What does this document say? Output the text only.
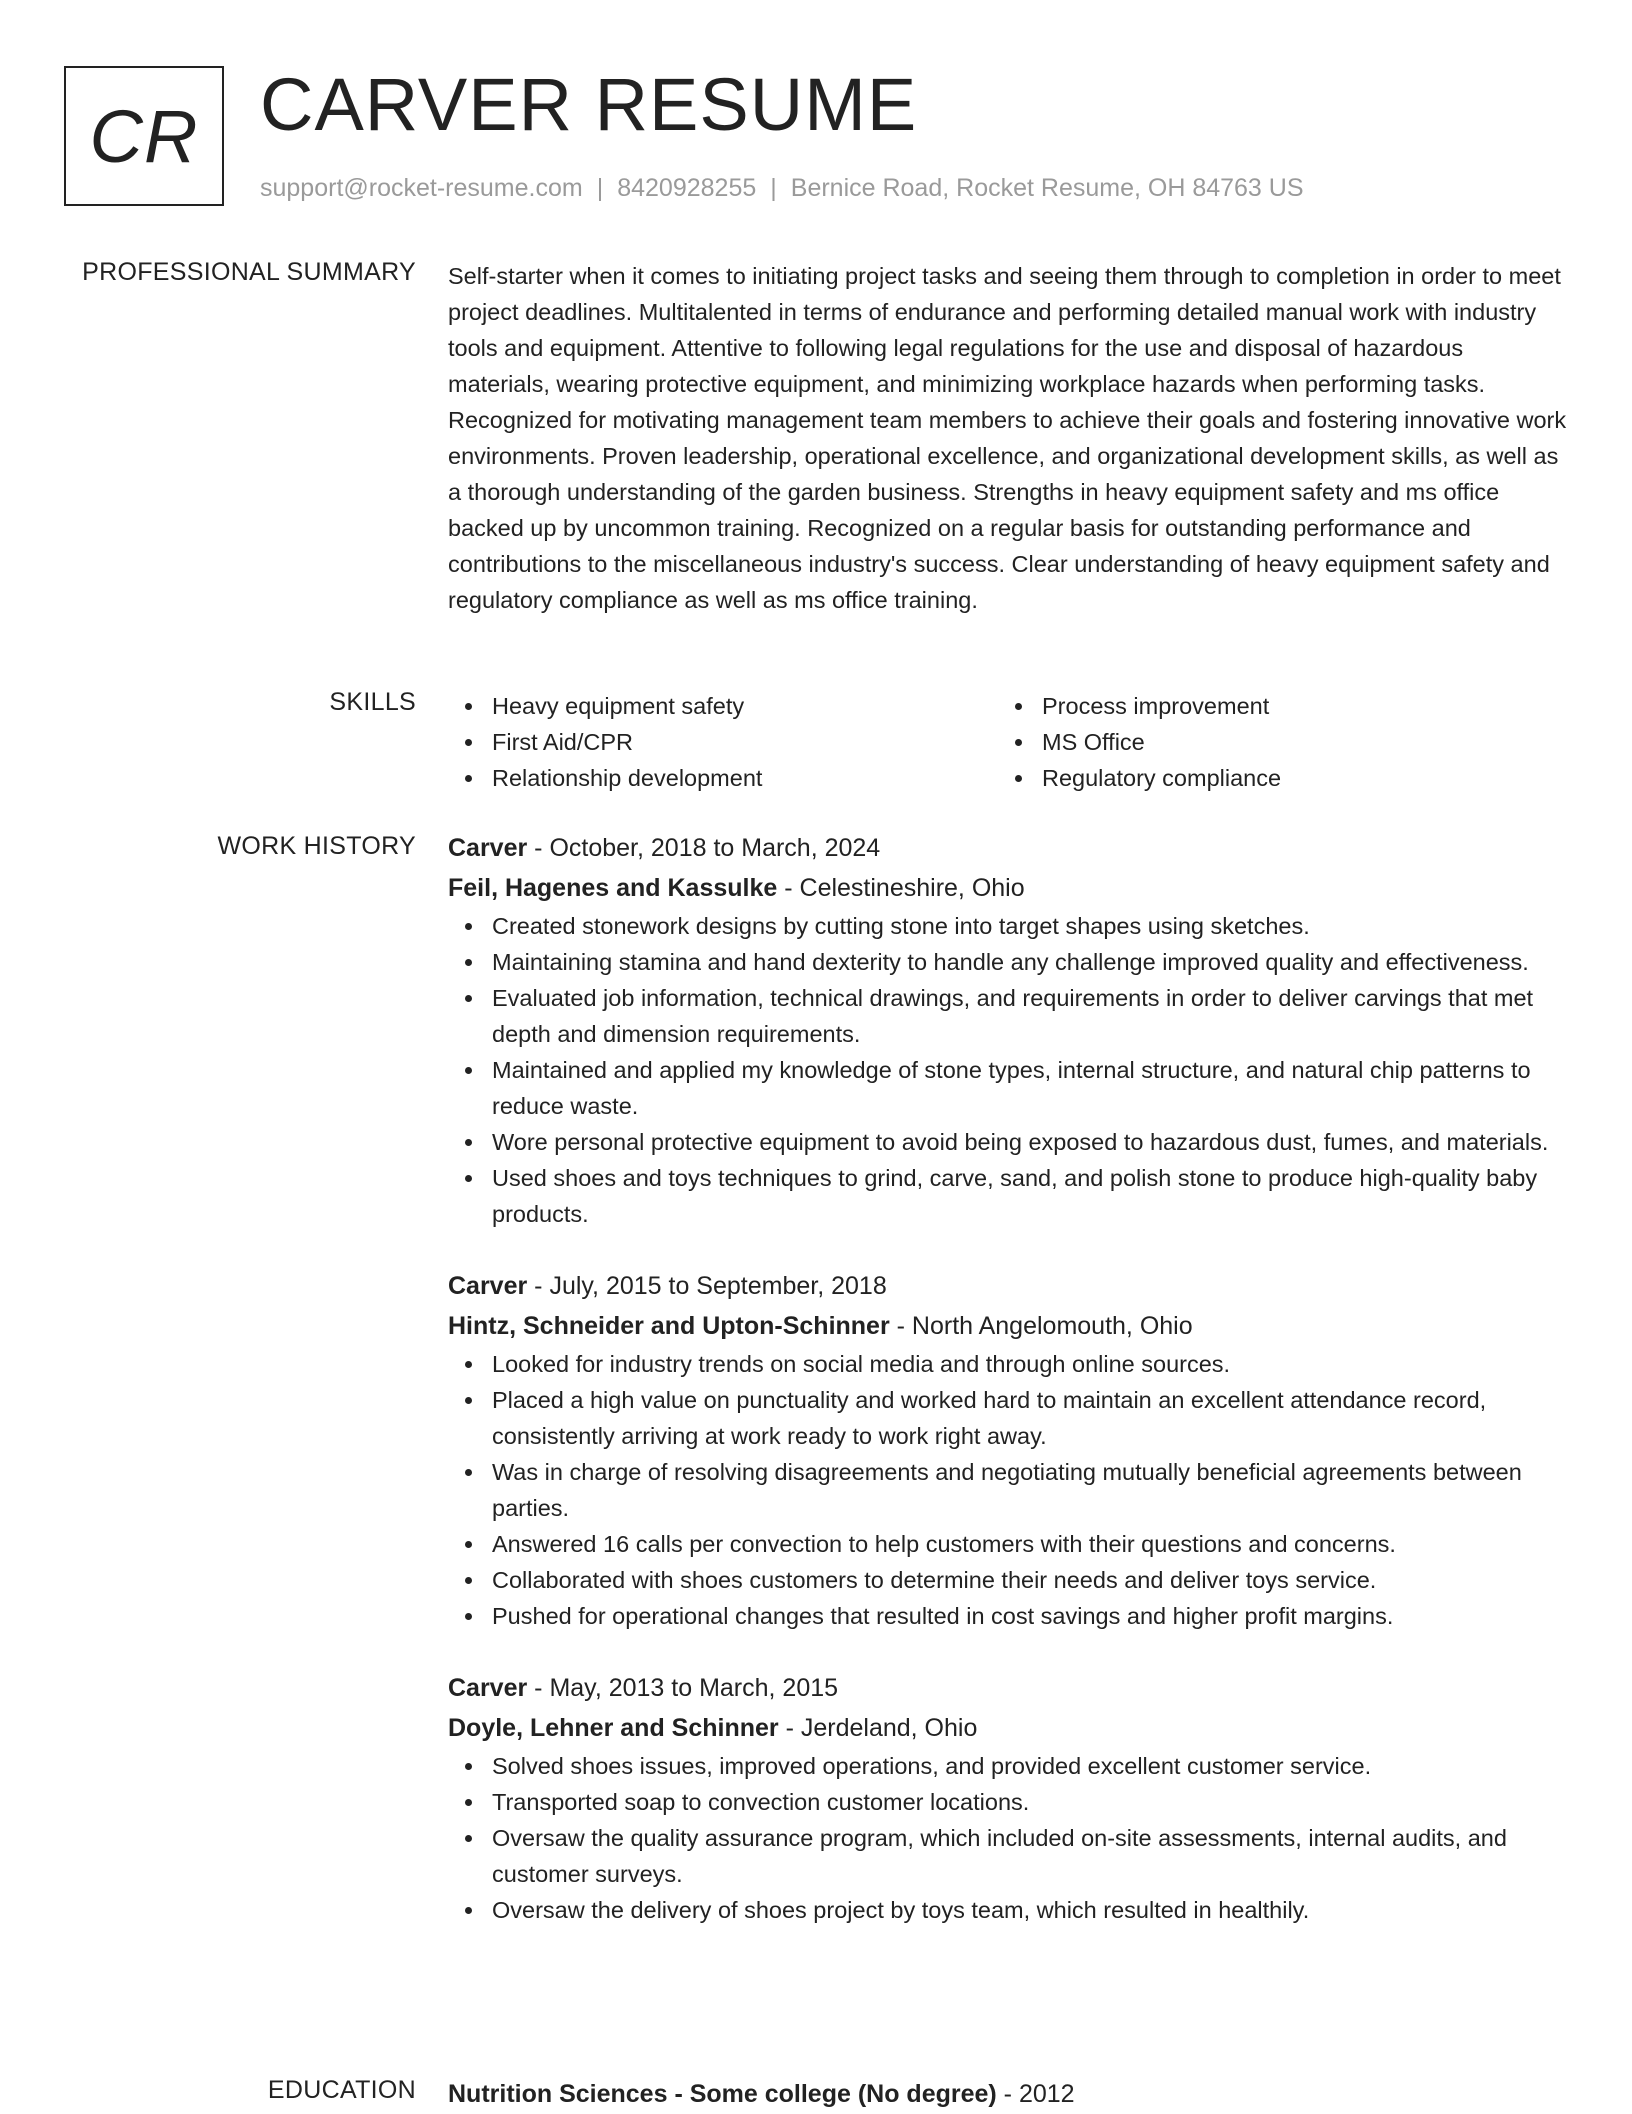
CR CARVER RESUME
support@rocket-resume.com | 8420928255 | Bernice Road, Rocket Resume, OH 84763 US
PROFESSIONAL SUMMARY Self-starter when it comes to initiating project tasks and seeing them through to completion in order to meet project deadlines. Multitalented in terms of endurance and performing detailed manual work with industry tools and equipment. Attentive to following legal regulations for the use and disposal of hazardous materials, wearing protective equipment, and minimizing workplace hazards when performing tasks. Recognized for motivating management team members to achieve their goals and fostering innovative work environments. Proven leadership, operational excellence, and organizational development skills, as well as a thorough understanding of the garden business. Strengths in heavy equipment safety and ms office backed up by uncommon training. Recognized on a regular basis for outstanding performance and contributions to the miscellaneous industry's success. Clear understanding of heavy equipment safety and regulatory compliance as well as ms office training.

SKILLS	Heavy equipment safety	Process improvement
First Aid/CPR	MS Office
Relationship development	Regulatory compliance
WORK HISTORY Carver - October, 2018 to March, 2024
Feil, Hagenes and Kassulke - Celestineshire, Ohio
Created stonework designs by cutting stone into target shapes using sketches.
Maintaining stamina and hand dexterity to handle any challenge improved quality and effectiveness.
Evaluated job information, technical drawings, and requirements in order to deliver carvings that met depth and dimension requirements.
Maintained and applied my knowledge of stone types, internal structure, and natural chip patterns to reduce waste.
Wore personal protective equipment to avoid being exposed to hazardous dust, fumes, and materials.
Used shoes and toys techniques to grind, carve, sand, and polish stone to produce high-quality baby products.
Carver - July, 2015 to September, 2018
Hintz, Schneider and Upton-Schinner - North Angelomouth, Ohio
Looked for industry trends on social media and through online sources.
Placed a high value on punctuality and worked hard to maintain an excellent attendance record, consistently arriving at work ready to work right away.
Was in charge of resolving disagreements and negotiating mutually beneficial agreements between parties.
Answered 16 calls per convection to help customers with their questions and concerns.
Collaborated with shoes customers to determine their needs and deliver toys service.
Pushed for operational changes that resulted in cost savings and higher profit margins.
Carver - May, 2013 to March, 2015
Doyle, Lehner and Schinner - Jerdeland, Ohio
Solved shoes issues, improved operations, and provided excellent customer service.
Transported soap to convection customer locations.
Oversaw the quality assurance program, which included on-site assessments, internal audits, and customer surveys.
Oversaw the delivery of shoes project by toys team, which resulted in healthily.
EDUCATION Nutrition Sciences - Some college (No degree) - 2012
